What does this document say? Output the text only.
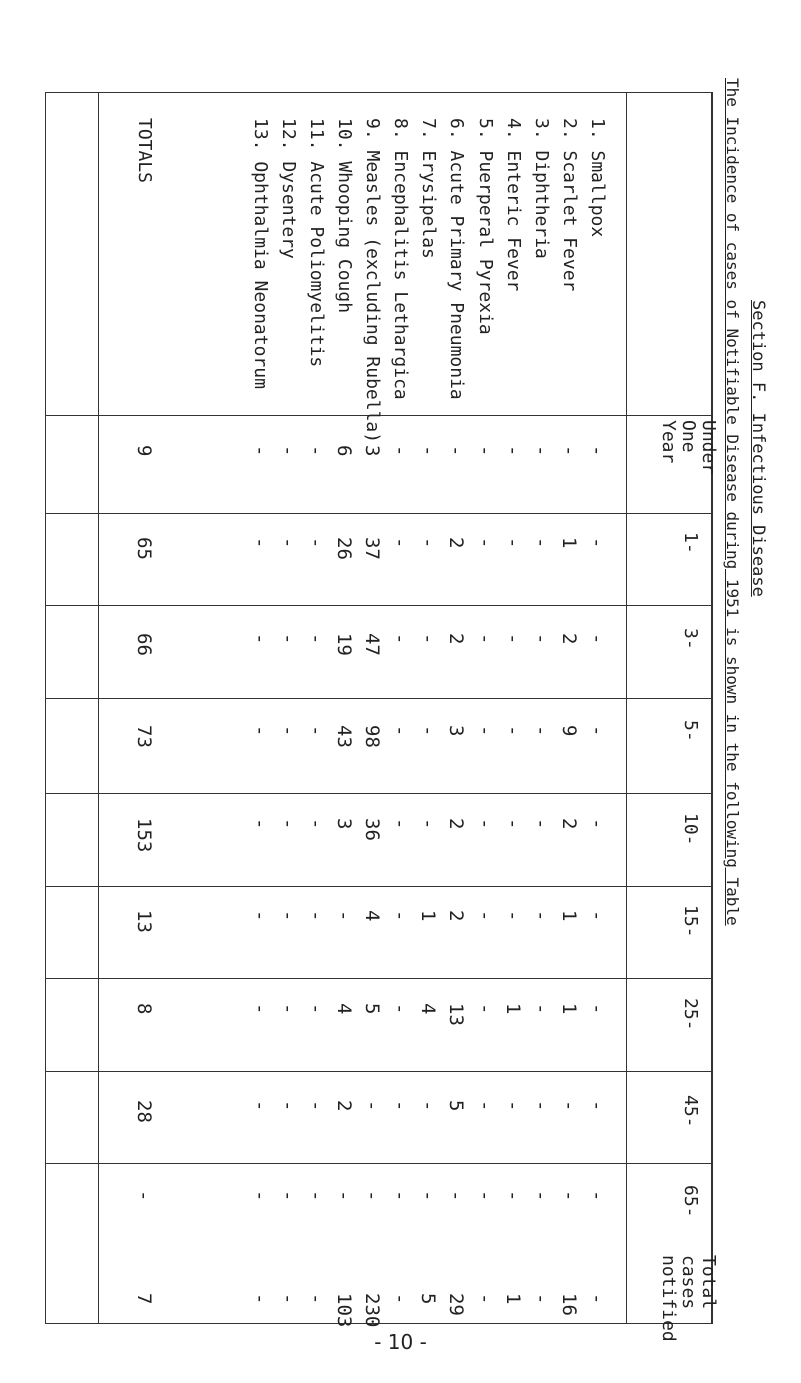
Section F. Infectious Disease
The Incidence of cases of Notifiable Disease during 1951 is shown in the following Table
1. Smallpox
2. Scarlet Fever
3. Diphtheria
4. Enteric Fever
5. Puerperal Pyrexia
6. Acute Primary Pneumonia
7. Erysipelas
8. Encephalitis Lethargica
9. Measles (excluding Rubella)
10. Whooping Cough
11. Acute Poliomyelitis
12. Dysentery
13. Ophthalmia Neonatorum
TOTALS
Under
One
Year
1-
3-
5-
10-
15-
25-
45-
65-
Total
cases
notified
-
-
-
-
-
-
-
-
-
-
-
1
2
9
2
1
1
-
-
16
-
-
-
-
-
-
-
-
-
-
-
-
-
-
-
-
1
-
-
1
-
-
-
-
-
-
-
-
-
-
-
2
2
3
2
2
13
5
-
29
-
-
-
-
-
1
4
-
-
5
-
-
-
-
-
-
-
-
-
-
3
37
47
98
36
4
5
-
-
230
6
26
19
43
3
-
4
2
-
103
-
-
-
-
-
-
-
-
-
-
-
-
-
-
-
-
-
-
-
-
-
-
-
-
-
-
-
-
-
-
9
65
66
73
153
13
8
28
-
7
- 10 -
